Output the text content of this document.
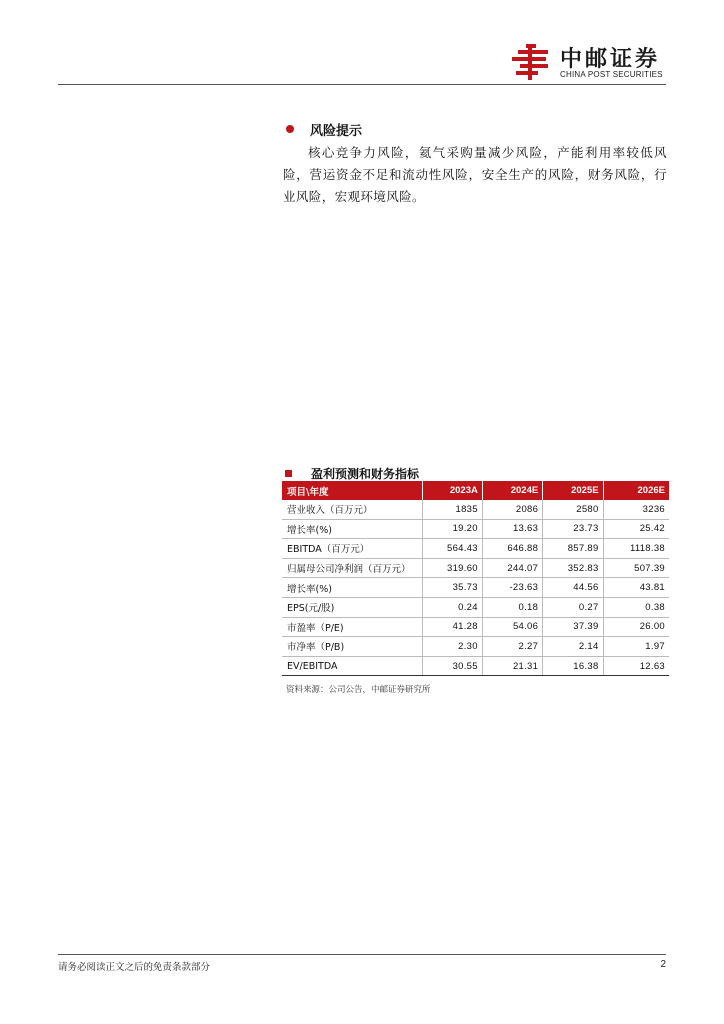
中邮证券
CHINA POST SECURITIES
风险提示
核心竞争力风险，氦气采购量减少风险，产能利用率较低风险，营运资金不足和流动性风险，安全生产的风险，财务风险，行业风险，宏观环境风险。
盈利预测和财务指标
项目\年度	2023A	2024E	2025E	2026E
营业收入（百万元）	1835	2086	2580	3236
增长率(%)	19.20	13.63	23.73	25.42
EBITDA（百万元）	564.43	646.88	857.89	1118.38
归属母公司净利润（百万元）	319.60	244.07	352.83	507.39
增长率(%)	35.73	-23.63	44.56	43.81
EPS(元/股)	0.24	0.18	0.27	0.38
市盈率（P/E)	41.28	54.06	37.39	26.00
市净率（P/B)	2.30	2.27	2.14	1.97
EV/EBITDA	30.55	21.31	16.38	12.63
资料来源：公司公告，中邮证券研究所
请务必阅读正文之后的免责条款部分	2
